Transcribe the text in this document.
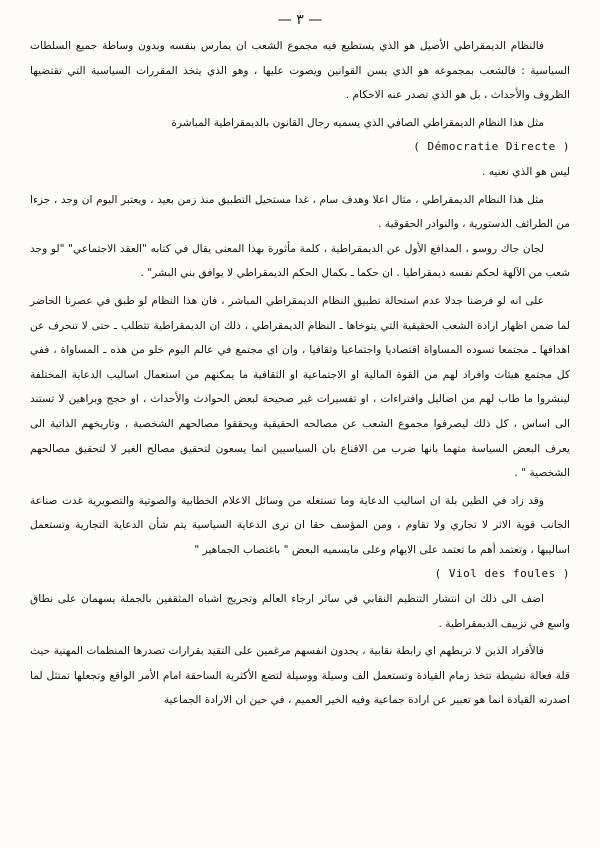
— ٣ —

فالنظام الديمقراطي الأصيل هو الذي يستطيع فيه مجموع الشعب ان يمارس بنفسه وبدون وساطة جميع السلطات السياسية : فالشعب بمجموعه هو الذي يسن القوانين ويصوت عليها ، وهو الذي يتخذ المقررات السياسية التي تقتضيها الظروف والأحداث ، بل هو الذي تصدر عنه الاحكام .

مثل هذا النظام الديمقراطي الصافي الذي يسميه رجال القانون بالديمقراطية المباشرة

( Démocratie Directe )

ليس هو الذي نعنيه .

مثل هذا النظام الديمقراطي ، مثال اعلا وهدف سام ، غدا مستحيل التطبيق منذ زمن بعيد ، ويعتبر اليوم ان وجد ، جزءا من الطرائف الدستورية ، والنوادر الحقوقية .

لجان جاك روسو ، المدافع الأول عن الديمقراطية ، كلمة مأثورة بهذا المعنى يقال في كتابه "العقد الاجتماعي" "لو وجد شعب من الآلهة لحكم نفسه ديمقراطيا . ان حكما ـ بكمال الحكم الديمقراطي لا يوافق بني البشر" .

على انه لو فرضنا جدلا عدم استحالة تطبيق النظام الديمقراطي المباشر ، فان هذا النظام لو طبق في عصرنا الحاضر لما ضمن اظهار ارادة الشعب الحقيقية التي يتوخاها ـ النظام الديمقراطي ، ذلك ان الديمقراطية تتطلب ـ حتى لا تنحرف عن اهدافها ـ مجتمعا تسوده المساواة اقتصاديا واجتماعيا وثقافيا ، وان اي مجتمع في عالم اليوم خلو من هذه ـ المساواة ، ففي كل مجتمع هيئات وافراد لهم من القوة المالية او الاجتماعية او الثقافية ما يمكنهم من استعمال اساليب الدعاية المختلفة لينشروا ما طاب لهم من اضاليل وافتراءات ، او تفسيرات غير صحيحة لبعض الحوادث والأحداث ، او حجج وبراهين لا تستند الى اساس ، كل ذلك ليصرفوا مجموع الشعب عن مصالحه الحقيقية ويحققوا مصالحهم الشخصية ، وتاريخهم الذاتية الى يعرف البعض السياسة متهما بانها ضرب من الاقناع بان السياسيين انما يسعون لتحقيق مصالح الغير لا لتحقيق مصالحهم الشخصية " .

وقد زاد في الطين بلة ان اساليب الدعاية وما تستغله من وسائل الاعلام الخطابية والصوتية والتصويرية غدت صناعة الجانب قوية الاثر لا تجاري ولا تقاوم ، ومن المؤسف حقا ان نرى الدعاية السياسية يتم شأن الدعاية التجارية وتستعمل اساليبها ، وتعتمد أهم ما تعتمد على الايهام وعلى مايسميه البعض " باغتصاب الجماهير "

( Viol des foules )

اضف الى ذلك ان انتشار التنظيم النقابي في سائر ارجاء العالم وتجريج اشباه المثقفين بالجملة يسهمان على نطاق واسع في تزييف الديمقراطية .

فالأفراد الذين لا تربطهم اي رابطة نقابية ، يجدون انفسهم مرغمين على التقيد بقرارات تصدرها المنظمات المهنية حيث قلة فعالة نشيطة تتخذ زمام القيادة وتستعمل الف وسيلة ووسيلة لتضع الأكثرية الساحقة امام الأمر الواقع وتجعلها تمتثل لما اصدرته القيادة انما هو تعبير عن ارادة جماعية وفيه الخير العميم ، في حين ان الارادة الجماعية
